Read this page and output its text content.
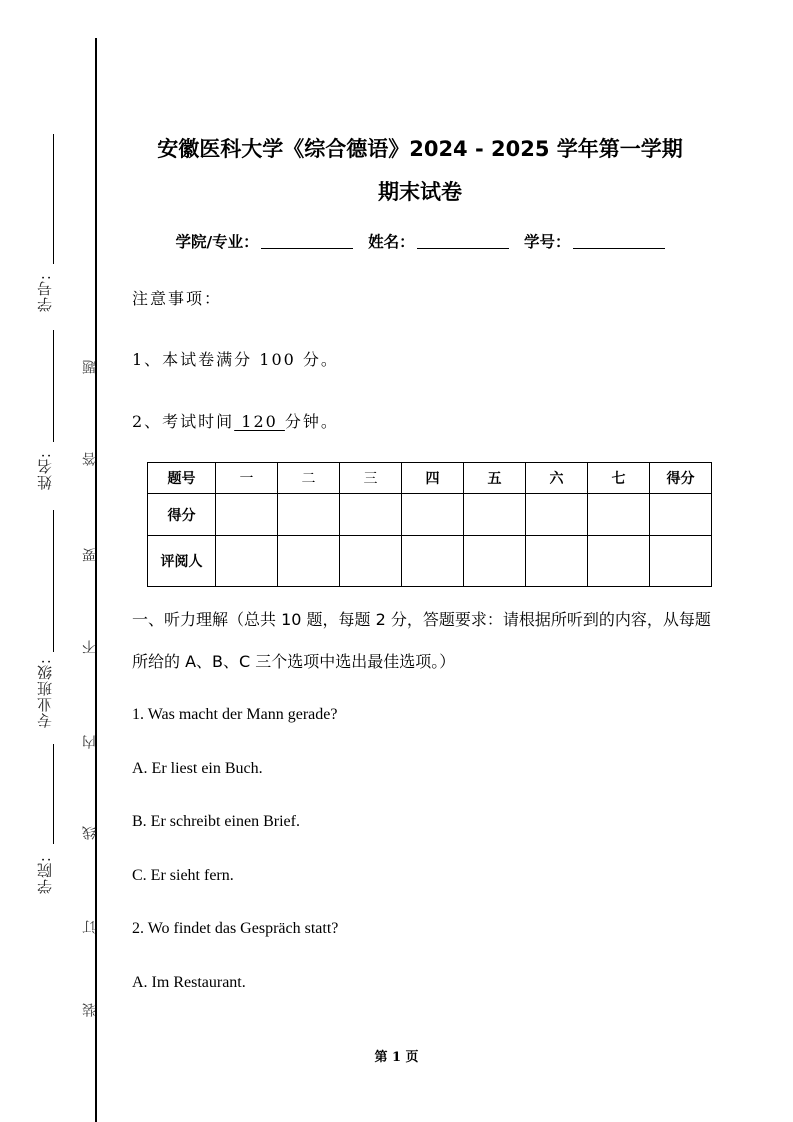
学号:
姓名:
专业班级:
学院:
题
答
要
不
内
线
订
装
安徽医科大学《综合德语》2024 - 2025 学年第一学期
期末试卷
学院/专业：	姓名：	学号：
注意事项：
1、本试卷满分 100 分。
2、考试时间 120 分钟。
题号	一	二	三	四	五	六	七	得分
得分								
评阅人								
一、听力理解（总共 10 题，每题 2 分，答题要求：请根据所听到的内容，从每题所给的 A、B、C 三个选项中选出最佳选项。）
1. Was macht der Mann gerade?
A. Er liest ein Buch.
B. Er schreibt einen Brief.
C. Er sieht fern.
2. Wo findet das Gespräch statt?
A. Im Restaurant.
第 1 页
